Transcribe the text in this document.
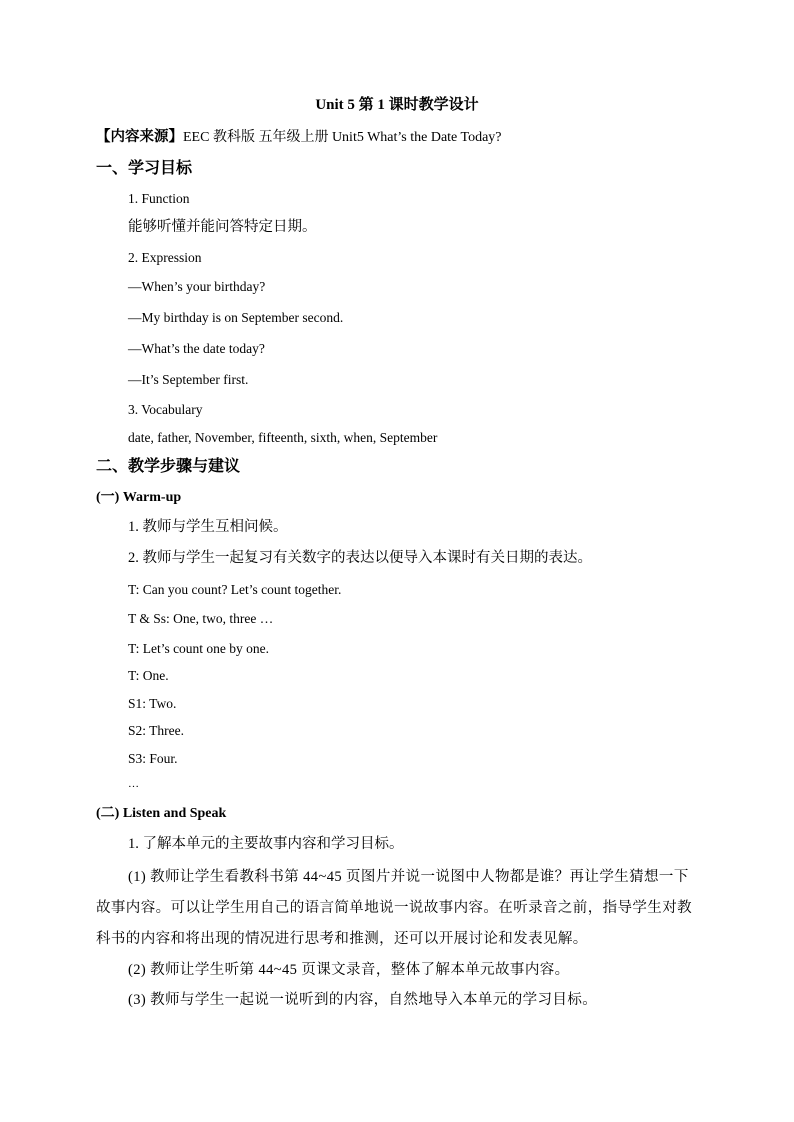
Unit 5 第 1 课时教学设计
【内容来源】EEC 教科版 五年级上册 Unit5 What’s the Date Today?
一、学习目标
1. Function
能够听懂并能问答特定日期。
2. Expression
—When’s your birthday?
—My birthday is on September second.
—What’s the date today?
—It’s September first.
3. Vocabulary
date, father, November, fifteenth, sixth, when, September
二、教学步骤与建议
(一) Warm-up
1. 教师与学生互相问候。
2. 教师与学生一起复习有关数字的表达以便导入本课时有关日期的表达。
T: Can you count? Let’s count together.
T & Ss: One, two, three …
T: Let’s count one by one.
T: One.
S1: Two.
S2: Three.
S3: Four.
…
(二) Listen and Speak
1. 了解本单元的主要故事内容和学习目标。
(1) 教师让学生看教科书第 44~45 页图片并说一说图中人物都是谁？再让学生猜想一下故事内容。可以让学生用自己的语言简单地说一说故事内容。在听录音之前，指导学生对教科书的内容和将出现的情况进行思考和推测，还可以开展讨论和发表见解。
(2) 教师让学生听第 44~45 页课文录音，整体了解本单元故事内容。
(3) 教师与学生一起说一说听到的内容，自然地导入本单元的学习目标。
